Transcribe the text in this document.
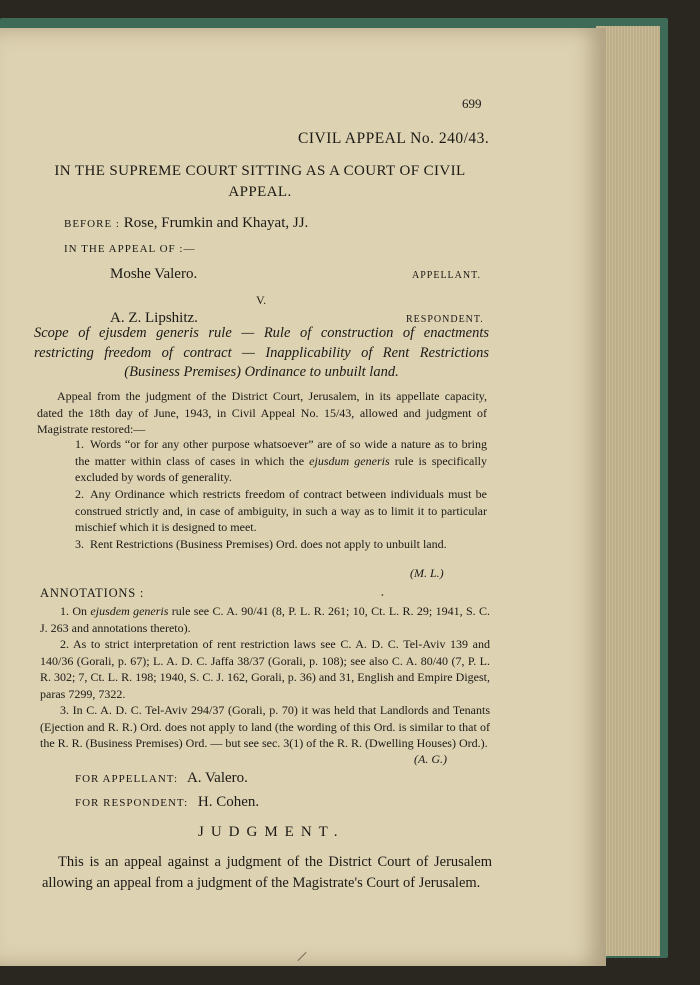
699
CIVIL APPEAL No. 240/43.
IN THE SUPREME COURT SITTING AS A COURT OF CIVIL APPEAL.
BEFORE : Rose, Frumkin and Khayat, JJ.
IN THE APPEAL OF :—
Moshe Valero.	APPELLANT.
V.
A. Z. Lipshitz.	RESPONDENT.
Scope of ejusdem generis rule — Rule of construction of enactments restricting freedom of contract — Inapplicability of Rent Restrictions (Business Premises) Ordinance to unbuilt land.
Appeal from the judgment of the District Court, Jerusalem, in its appellate capacity, dated the 18th day of June, 1943, in Civil Appeal No. 15/43, allowed and judgment of Magistrate restored:—
1. Words “or for any other purpose whatsoever” are of so wide a nature as to bring the matter within class of cases in which the ejusdum generis rule is specifically excluded by words of generality.
2. Any Ordinance which restricts freedom of contract between individuals must be construed strictly and, in case of ambiguity, in such a way as to limit it to particular mischief which it is designed to meet.
3. Rent Restrictions (Business Premises) Ord. does not apply to unbuilt land.
(M. L.)
•
ANNOTATIONS :
1. On ejusdem generis rule see C. A. 90/41 (8, P. L. R. 261; 10, Ct. L. R. 29; 1941, S. C. J. 263 and annotations thereto).
2. As to strict interpretation of rent restriction laws see C. A. D. C. Tel-Aviv 139 and 140/36 (Gorali, p. 67); L. A. D. C. Jaffa 38/37 (Gorali, p. 108); see also C. A. 80/40 (7, P. L. R. 302; 7, Ct. L. R. 198; 1940, S. C. J. 162, Gorali, p. 36) and 31, English and Empire Digest, paras 7299, 7322.
3. In C. A. D. C. Tel-Aviv 294/37 (Gorali, p. 70) it was held that Landlords and Tenants (Ejection and R. R.) Ord. does not apply to land (the wording of this Ord. is similar to that of the R. R. (Business Premises) Ord. — but see sec. 3(1) of the R. R. (Dwelling Houses) Ord.).
(A. G.)
FOR APPELLANT: A. Valero.
FOR RESPONDENT: H. Cohen.
JUDGMENT.
This is an appeal against a judgment of the District Court of Jerusalem allowing an appeal from a judgment of the Magistrate's Court of Jerusalem.
